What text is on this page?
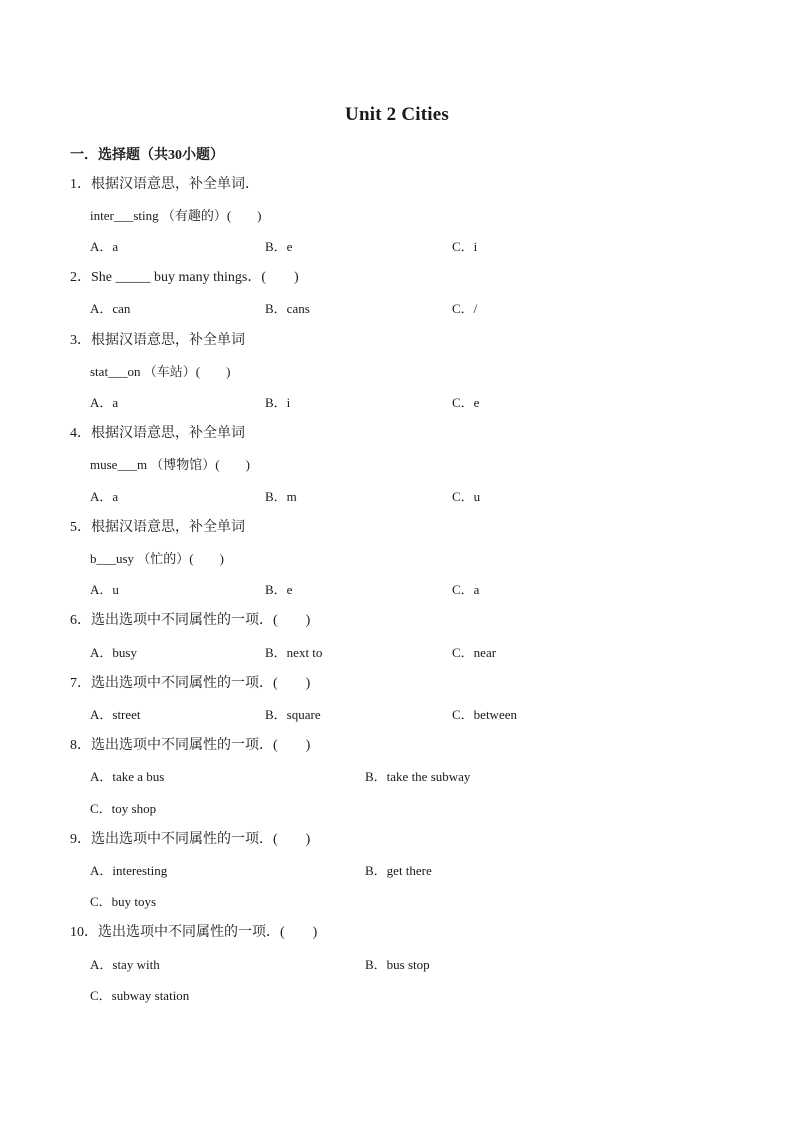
Unit 2 Cities
一．选择题（共30小题）
1．根据汉语意思，补全单词．
inter___sting （有趣的）(　　)
A．a	B．e	C．i
2．She _____ buy many things．(　　)
A．can	B．cans	C．/
3．根据汉语意思，补全单词
stat___on （车站）(　　)
A．a	B．i	C．e
4．根据汉语意思，补全单词
muse___m （博物馆）(　　)
A．a	B．m	C．u
5．根据汉语意思，补全单词
b___usy （忙的）(　　)
A．u	B．e	C．a
6．选出选项中不同属性的一项．(　　)
A．busy	B．next to	C．near
7．选出选项中不同属性的一项．(　　)
A．street	B．square	C．between
8．选出选项中不同属性的一项．(　　)
A．take a bus	B．take the subway
C．toy shop
9．选出选项中不同属性的一项．(　　)
A．interesting	B．get there
C．buy toys
10．选出选项中不同属性的一项．(　　)
A．stay with	B．bus stop
C．subway station
